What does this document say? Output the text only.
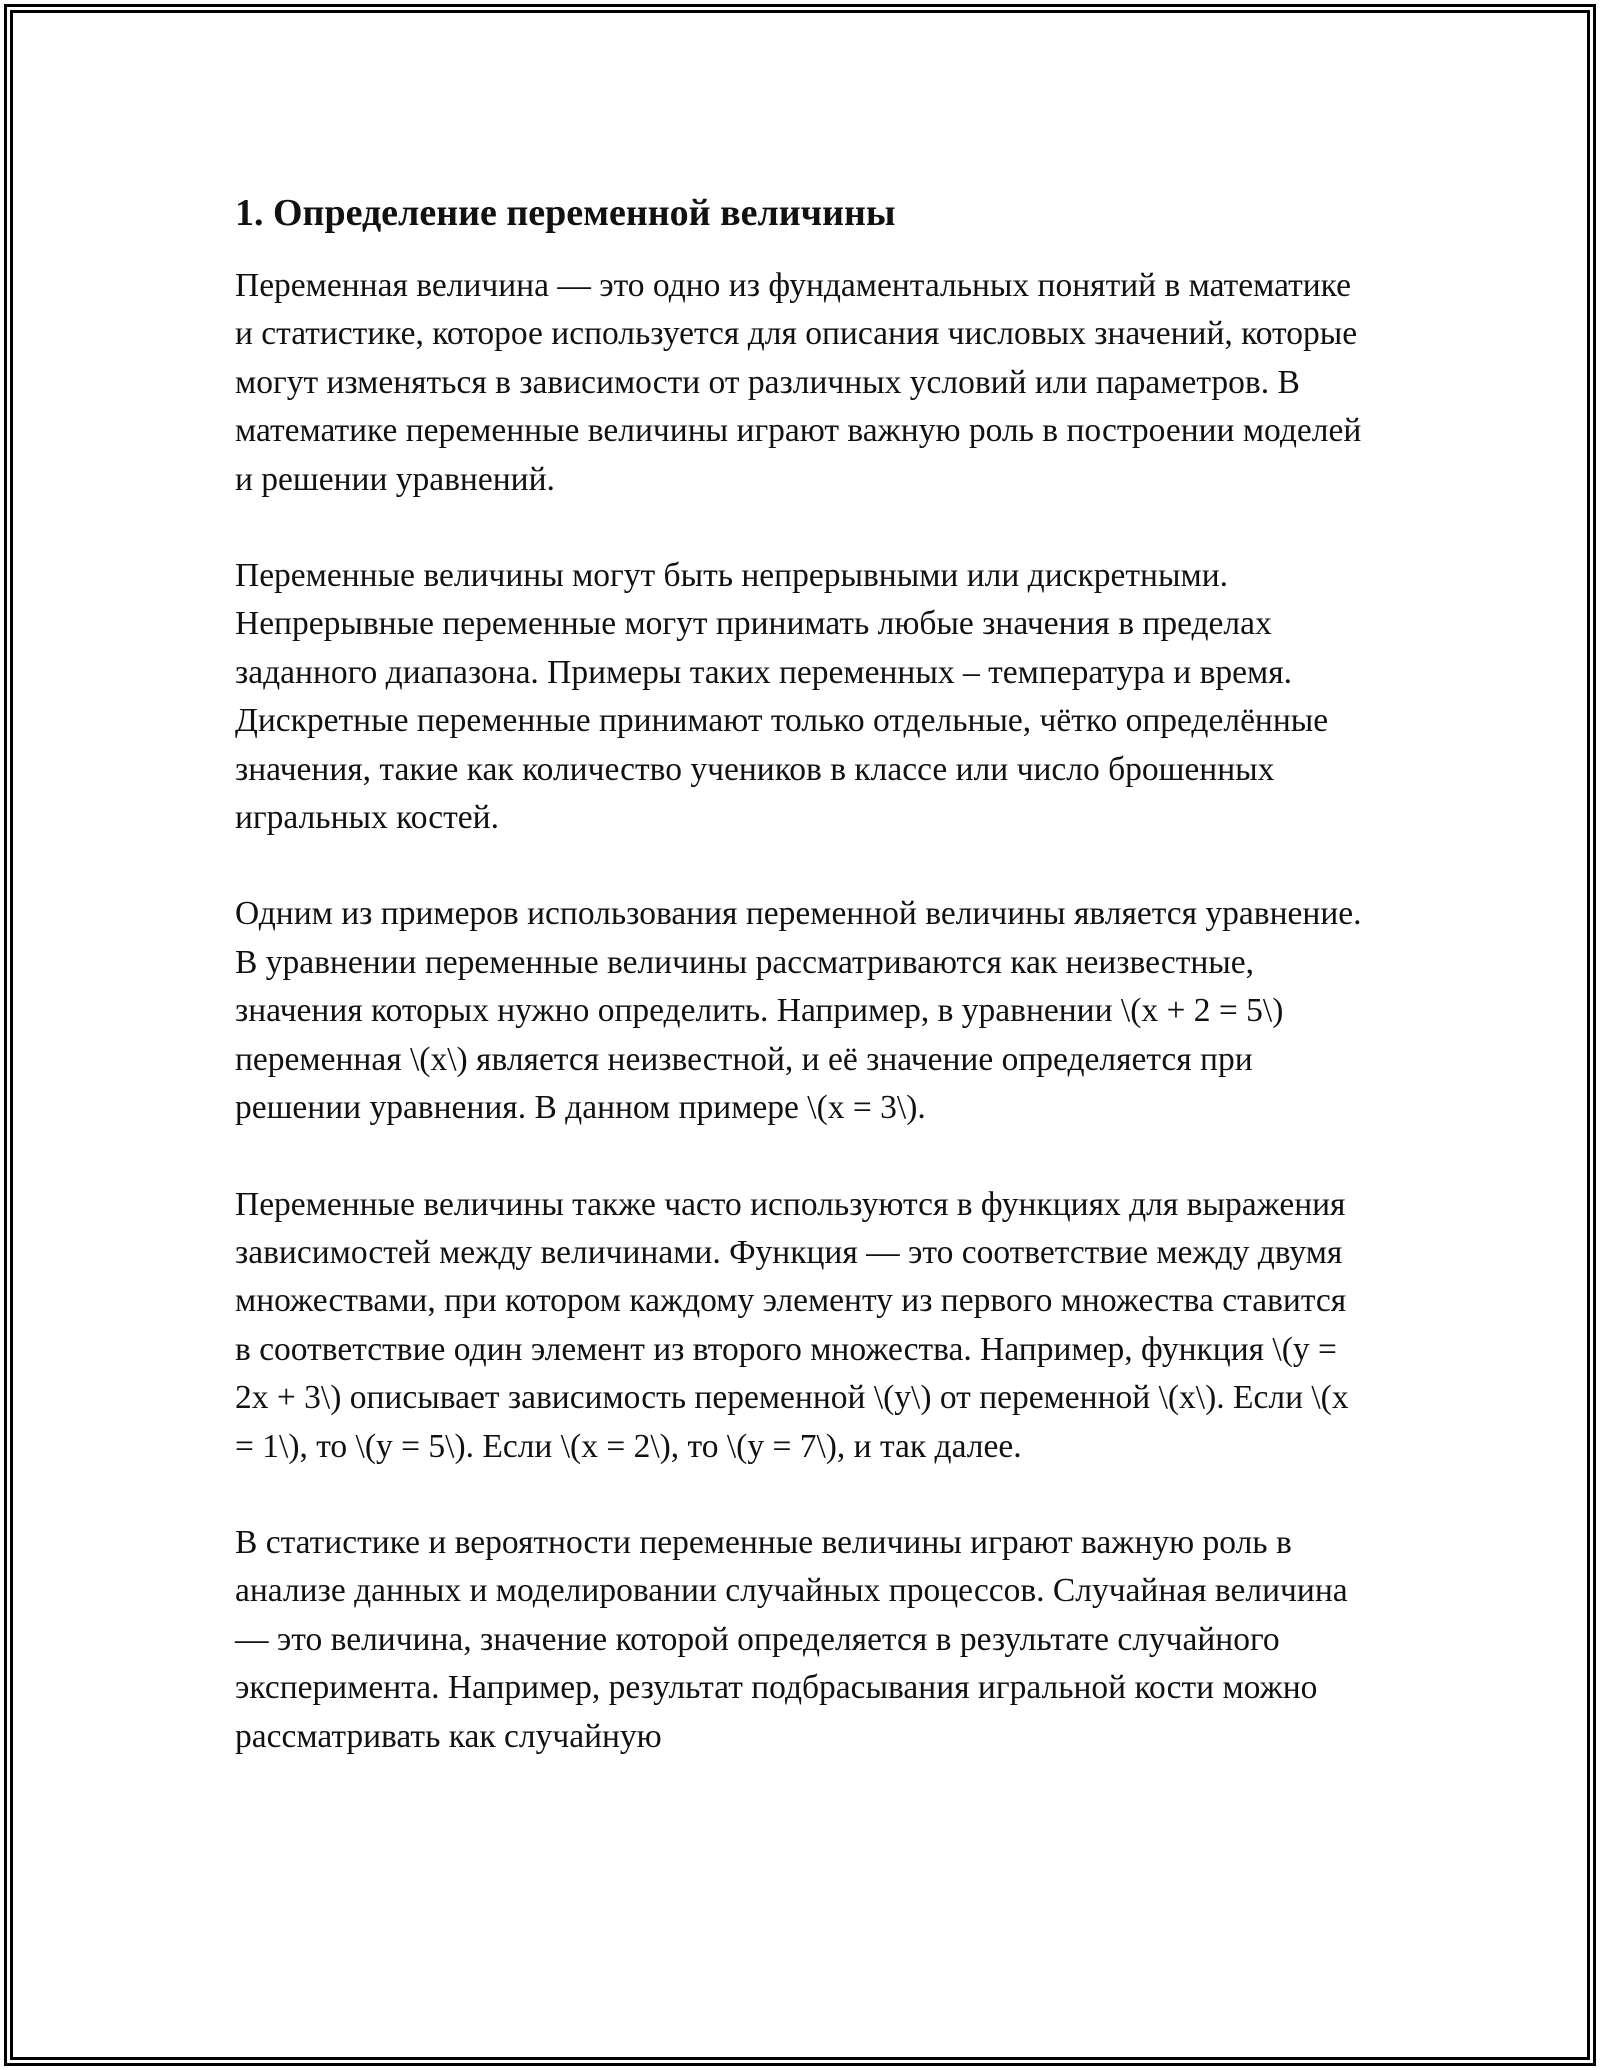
1. Определение переменной величины

Переменная величина — это одно из фундаментальных понятий в математике и статистике, которое используется для описания числовых значений, которые могут изменяться в зависимости от различных условий или параметров. В математике переменные величины играют важную роль в построении моделей и решении уравнений.

Переменные величины могут быть непрерывными или дискретными. Непрерывные переменные могут принимать любые значения в пределах заданного диапазона. Примеры таких переменных – температура и время. Дискретные переменные принимают только отдельные, чётко определённые значения, такие как количество учеников в классе или число брошенных игральных костей.

Одним из примеров использования переменной величины является уравнение. В уравнении переменные величины рассматриваются как неизвестные, значения которых нужно определить. Например, в уравнении \(x + 2 = 5\) переменная \(x\) является неизвестной, и её значение определяется при решении уравнения. В данном примере \(x = 3\).

Переменные величины также часто используются в функциях для выражения зависимостей между величинами. Функция — это соответствие между двумя множествами, при котором каждому элементу из первого множества ставится в соответствие один элемент из второго множества. Например, функция \(y = 2x + 3\) описывает зависимость переменной \(y\) от переменной \(x\). Если \(x = 1\), то \(y = 5\). Если \(x = 2\), то \(y = 7\), и так далее.

В статистике и вероятности переменные величины играют важную роль в анализе данных и моделировании случайных процессов. Случайная величина — это величина, значение которой определяется в результате случайного эксперимента. Например, результат подбрасывания игральной кости можно рассматривать как случайную
